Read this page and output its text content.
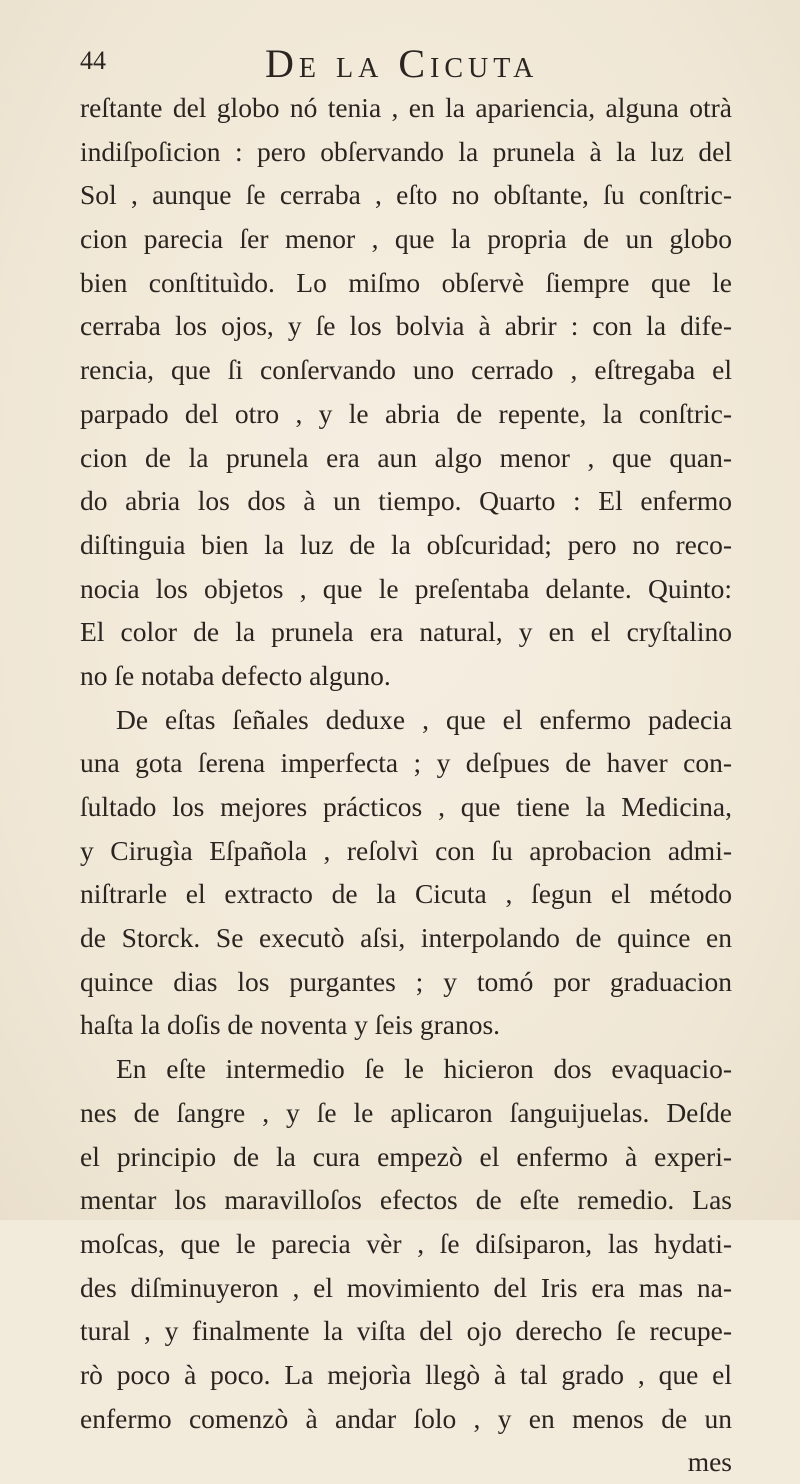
44	De la Cicuta
reſtante del globo nó tenia , en la apariencia, alguna otrà
indiſpoſicion : pero obſervando la prunela à la luz del
Sol , aunque ſe cerraba , eſto no obſtante, ſu conſtric-
cion parecia ſer menor , que la propria de un globo
bien conſtituìdo. Lo miſmo obſervè ſiempre que le
cerraba los ojos, y ſe los bolvia à abrir : con la dife-
rencia, que ſi conſervando uno cerrado , eſtregaba el
parpado del otro , y le abria de repente, la conſtric-
cion de la prunela era aun algo menor , que quan-
do abria los dos à un tiempo. Quarto : El enfermo
diſtinguia bien la luz de la obſcuridad; pero no reco-
nocia los objetos , que le preſentaba delante. Quinto:
El color de la prunela era natural, y en el cryſtalino
no ſe notaba defecto alguno.
De eſtas ſeñales deduxe , que el enfermo padecia
una gota ſerena imperfecta ; y deſpues de haver con-
ſultado los mejores prácticos , que tiene la Medicina,
y Cirugìa Eſpañola , reſolvì con ſu aprobacion admi-
niſtrarle el extracto de la Cicuta , ſegun el método
de Storck. Se executò aſsi, interpolando de quince en
quince dias los purgantes ; y tomó por graduacion
haſta la doſis de noventa y ſeis granos.
En eſte intermedio ſe le hicieron dos evaquacio-
nes de ſangre , y ſe le aplicaron ſanguijuelas. Deſde
el principio de la cura empezò el enfermo à experi-
mentar los maravilloſos efectos de eſte remedio. Las
moſcas, que le parecia vèr , ſe diſsiparon, las hydati-
des diſminuyeron , el movimiento del Iris era mas na-
tural , y finalmente la viſta del ojo derecho ſe recupe-
rò poco à poco. La mejorìa llegò à tal grado , que el
enfermo comenzò à andar ſolo , y en menos de un
mes
